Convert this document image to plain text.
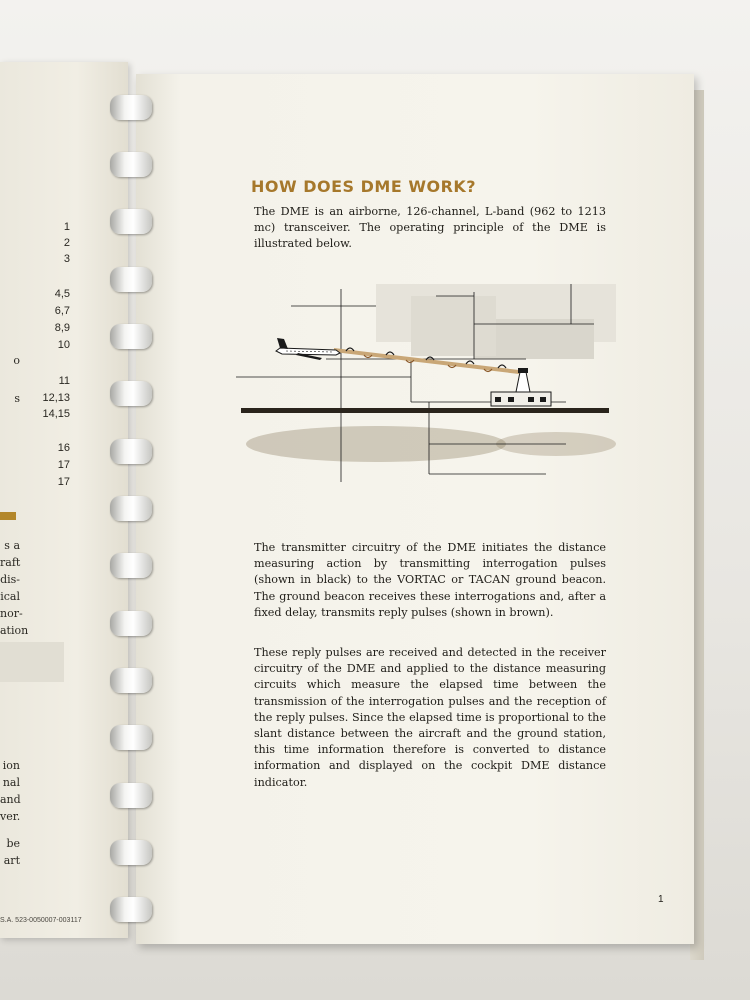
1
2
3
4,5
6,7
8,9
10
11
12,13
14,15
16
17
17
o
s
s a
raft
dis-
ical
nor-
ation
ion
nal
and
ver.
be
art
S.A. 523-0050007-003117
HOW DOES DME WORK?
The DME is an airborne, 126-channel, L-band (962 to 1213 mc) transceiver. The operating principle of the DME is illustrated below.
The transmitter circuitry of the DME initiates the distance measuring action by transmitting interrogation pulses (shown in black) to the VORTAC or TACAN ground beacon. The ground beacon receives these interrogations and, after a fixed delay, transmits reply pulses (shown in brown).
These reply pulses are received and detected in the receiver circuitry of the DME and applied to the distance measuring circuits which measure the elapsed time between the transmission of the interrogation pulses and the reception of the reply pulses. Since the elapsed time is proportional to the slant distance between the aircraft and the ground station, this time information therefore is converted to distance information and displayed on the cockpit DME distance indicator.
1
